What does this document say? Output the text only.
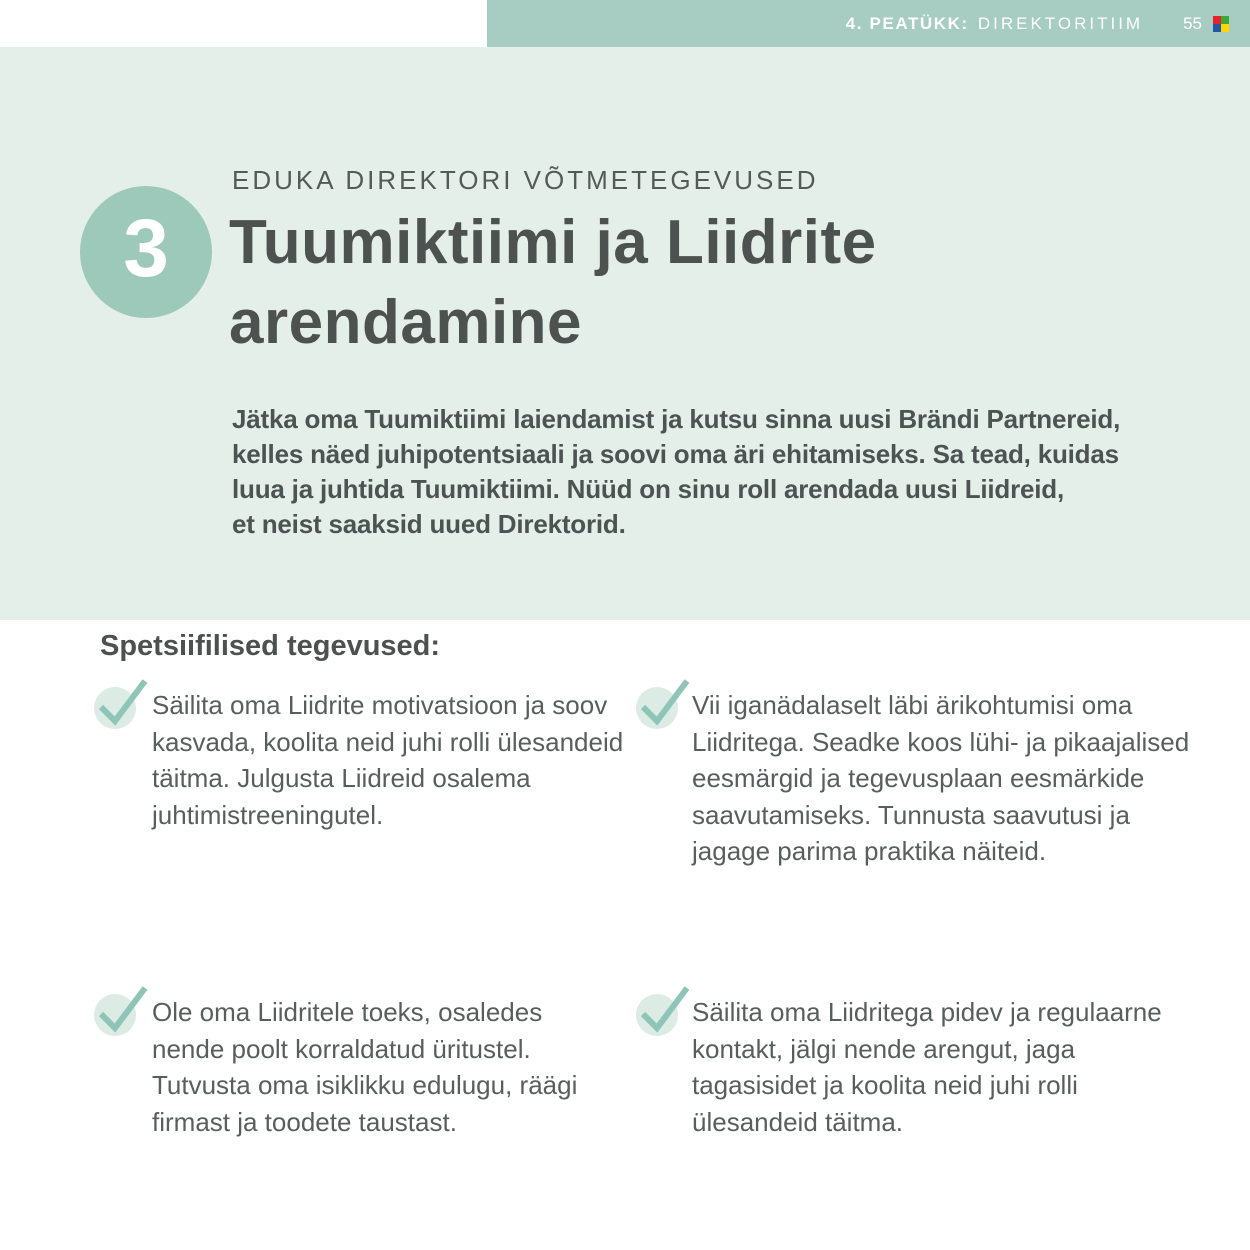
4. PEATÜKK: DIREKTORITIIM 55
3
EDUKA DIREKTORI VÕTMETEGEVUSED
Tuumiktiimi ja Liidrite
arendamine
Jätka oma Tuumiktiimi laiendamist ja kutsu sinna uusi Brändi Partnereid,
kelles näed juhipotentsiaali ja soovi oma äri ehitamiseks. Sa tead, kuidas
luua ja juhtida Tuumiktiimi. Nüüd on sinu roll arendada uusi Liidreid,
et neist saaksid uued Direktorid.
Spetsiifilised tegevused:
Säilita oma Liidrite motivatsioon ja soov kasvada, koolita neid juhi rolli ülesandeid täitma. Julgusta Liidreid osalema juhtimistreeningutel.
Vii iganädalaselt läbi ärikohtumisi oma Liidritega. Seadke koos lühi- ja pikaajalised eesmärgid ja tegevusplaan eesmärkide saavutamiseks. Tunnusta saavutusi ja jagage parima praktika näiteid.
Ole oma Liidritele toeks, osaledes nende poolt korraldatud üritustel. Tutvusta oma isiklikku edulugu, räägi firmast ja toodete taustast.
Säilita oma Liidritega pidev ja regulaarne kontakt, jälgi nende arengut, jaga tagasisidet ja koolita neid juhi rolli ülesandeid täitma.
